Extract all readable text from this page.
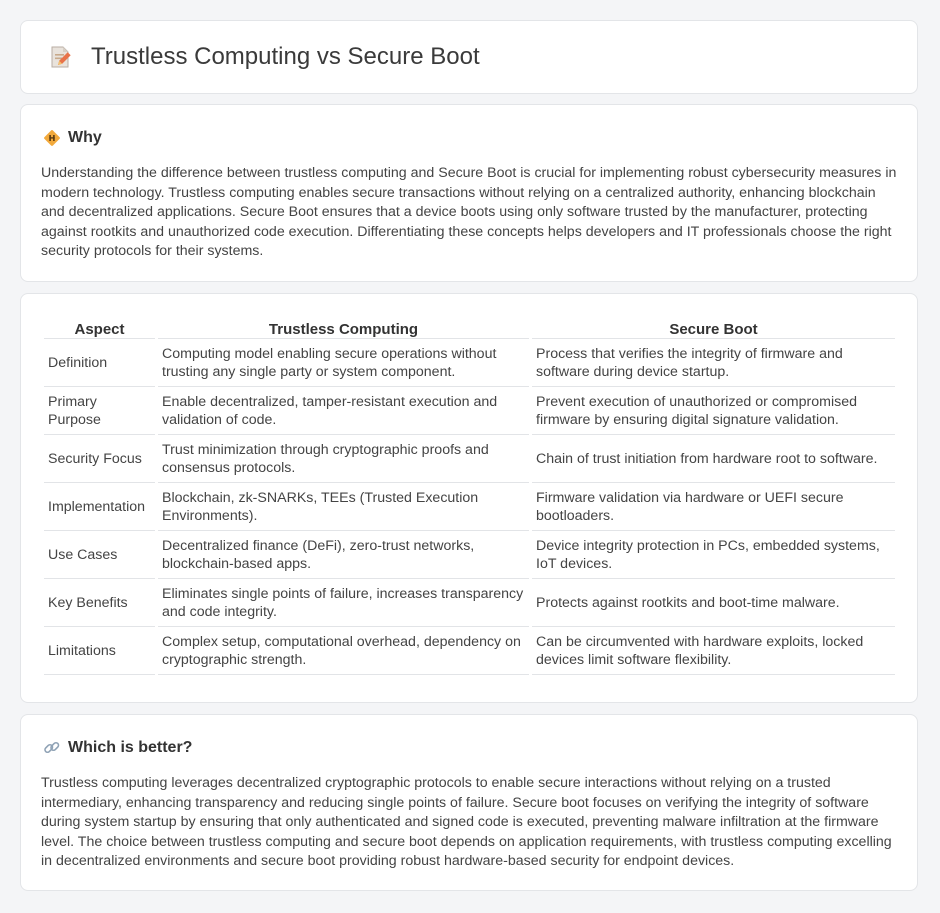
Trustless Computing vs Secure Boot
Why
Understanding the difference between trustless computing and Secure Boot is crucial for implementing robust cybersecurity measures in modern technology. Trustless computing enables secure transactions without relying on a centralized authority, enhancing blockchain and decentralized applications. Secure Boot ensures that a device boots using only software trusted by the manufacturer, protecting against rootkits and unauthorized code execution. Differentiating these concepts helps developers and IT professionals choose the right security protocols for their systems.
Aspect	Trustless Computing	Secure Boot
Definition	Computing model enabling secure operations without trusting any single party or system component.	Process that verifies the integrity of firmware and software during device startup.
Primary Purpose	Enable decentralized, tamper-resistant execution and validation of code.	Prevent execution of unauthorized or compromised firmware by ensuring digital signature validation.
Security Focus	Trust minimization through cryptographic proofs and consensus protocols.	Chain of trust initiation from hardware root to software.
Implementation	Blockchain, zk-SNARKs, TEEs (Trusted Execution Environments).	Firmware validation via hardware or UEFI secure bootloaders.
Use Cases	Decentralized finance (DeFi), zero-trust networks, blockchain-based apps.	Device integrity protection in PCs, embedded systems, IoT devices.
Key Benefits	Eliminates single points of failure, increases transparency and code integrity.	Protects against rootkits and boot-time malware.
Limitations	Complex setup, computational overhead, dependency on cryptographic strength.	Can be circumvented with hardware exploits, locked devices limit software flexibility.
Which is better?
Trustless computing leverages decentralized cryptographic protocols to enable secure interactions without relying on a trusted intermediary, enhancing transparency and reducing single points of failure. Secure boot focuses on verifying the integrity of software during system startup by ensuring that only authenticated and signed code is executed, preventing malware infiltration at the firmware level. The choice between trustless computing and secure boot depends on application requirements, with trustless computing excelling in decentralized environments and secure boot providing robust hardware-based security for endpoint devices.
